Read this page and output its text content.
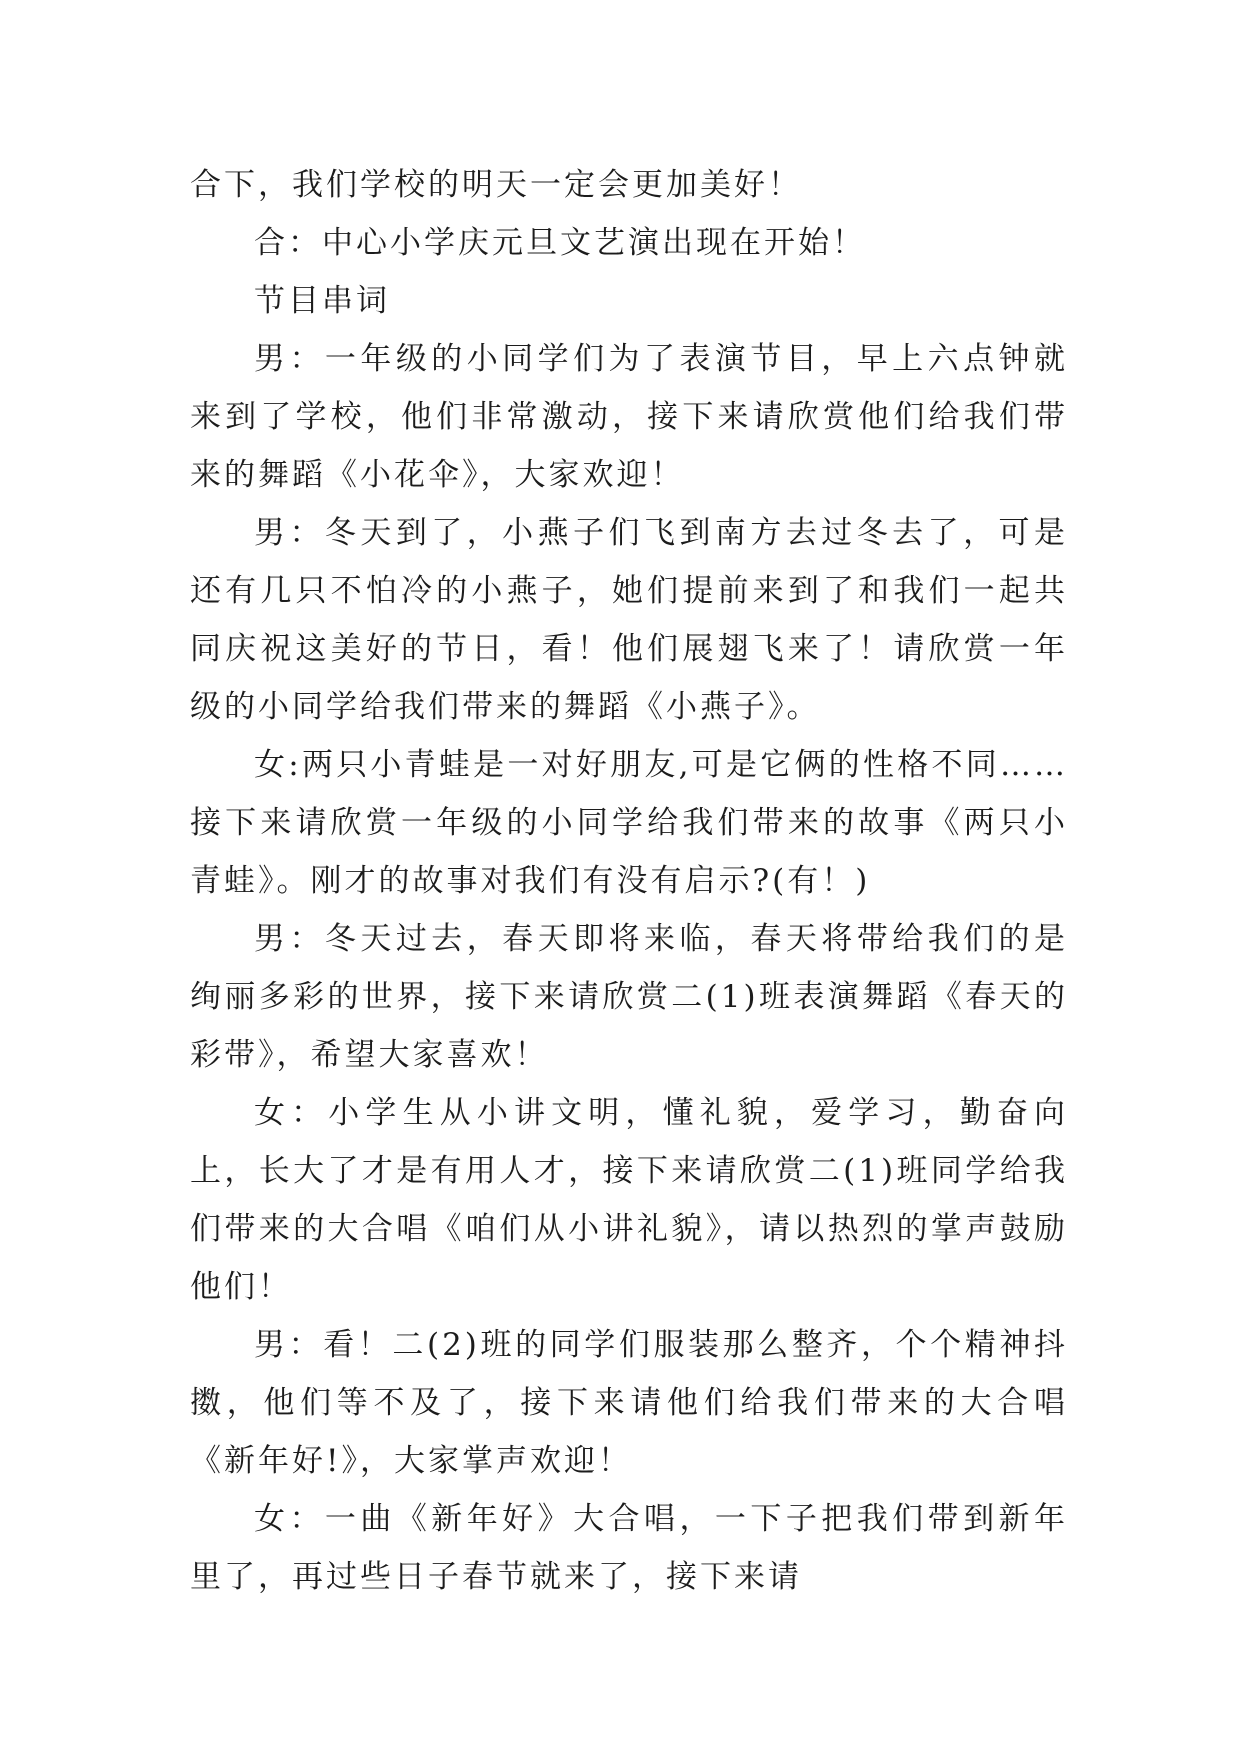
合下，我们学校的明天一定会更加美好！

合：中心小学庆元旦文艺演出现在开始！

节目串词

男：一年级的小同学们为了表演节目，早上六点钟就来到了学校，他们非常激动，接下来请欣赏他们给我们带来的舞蹈《小花伞》，大家欢迎！

男：冬天到了，小燕子们飞到南方去过冬去了，可是还有几只不怕冷的小燕子，她们提前来到了和我们一起共同庆祝这美好的节日，看！他们展翅飞来了！请欣赏一年级的小同学给我们带来的舞蹈《小燕子》。

女:两只小青蛙是一对好朋友,可是它俩的性格不同……接下来请欣赏一年级的小同学给我们带来的故事《两只小青蛙》。刚才的故事对我们有没有启示?(有！)

男：冬天过去，春天即将来临，春天将带给我们的是绚丽多彩的世界，接下来请欣赏二(1)班表演舞蹈《春天的彩带》，希望大家喜欢！

女：小学生从小讲文明，懂礼貌，爱学习，勤奋向上，长大了才是有用人才，接下来请欣赏二(1)班同学给我们带来的大合唱《咱们从小讲礼貌》，请以热烈的掌声鼓励他们！

男：看！二(2)班的同学们服装那么整齐，个个精神抖擞，他们等不及了，接下来请他们给我们带来的大合唱《新年好!》，大家掌声欢迎！

女：一曲《新年好》大合唱，一下子把我们带到新年里了，再过些日子春节就来了，接下来请
